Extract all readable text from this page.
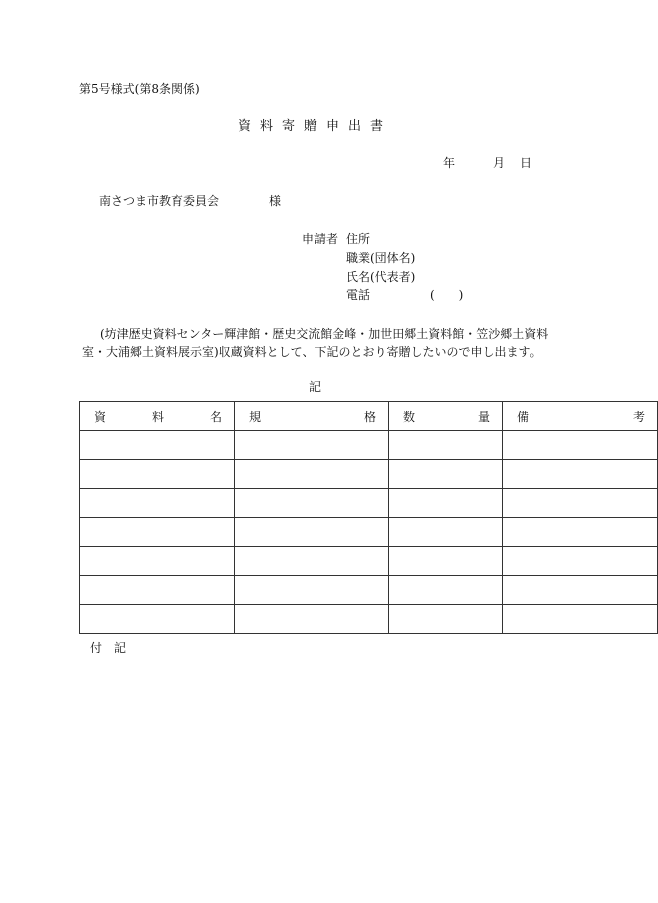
第5号様式(第8条関係)
資料寄贈申出書
年	月 日
南さつま市教育委員会	様
申請者 住所
職業(団体名)
氏名(代表者)
電話	(　　)
(坊津歴史資料センター輝津館・歴史交流館金峰・加世田郷土資料館・笠沙郷土資料室・大浦郷土資料展示室)収蔵資料として、下記のとおり寄贈したいので申し出ます。
記
資料名	規格	数量	備考

付記
